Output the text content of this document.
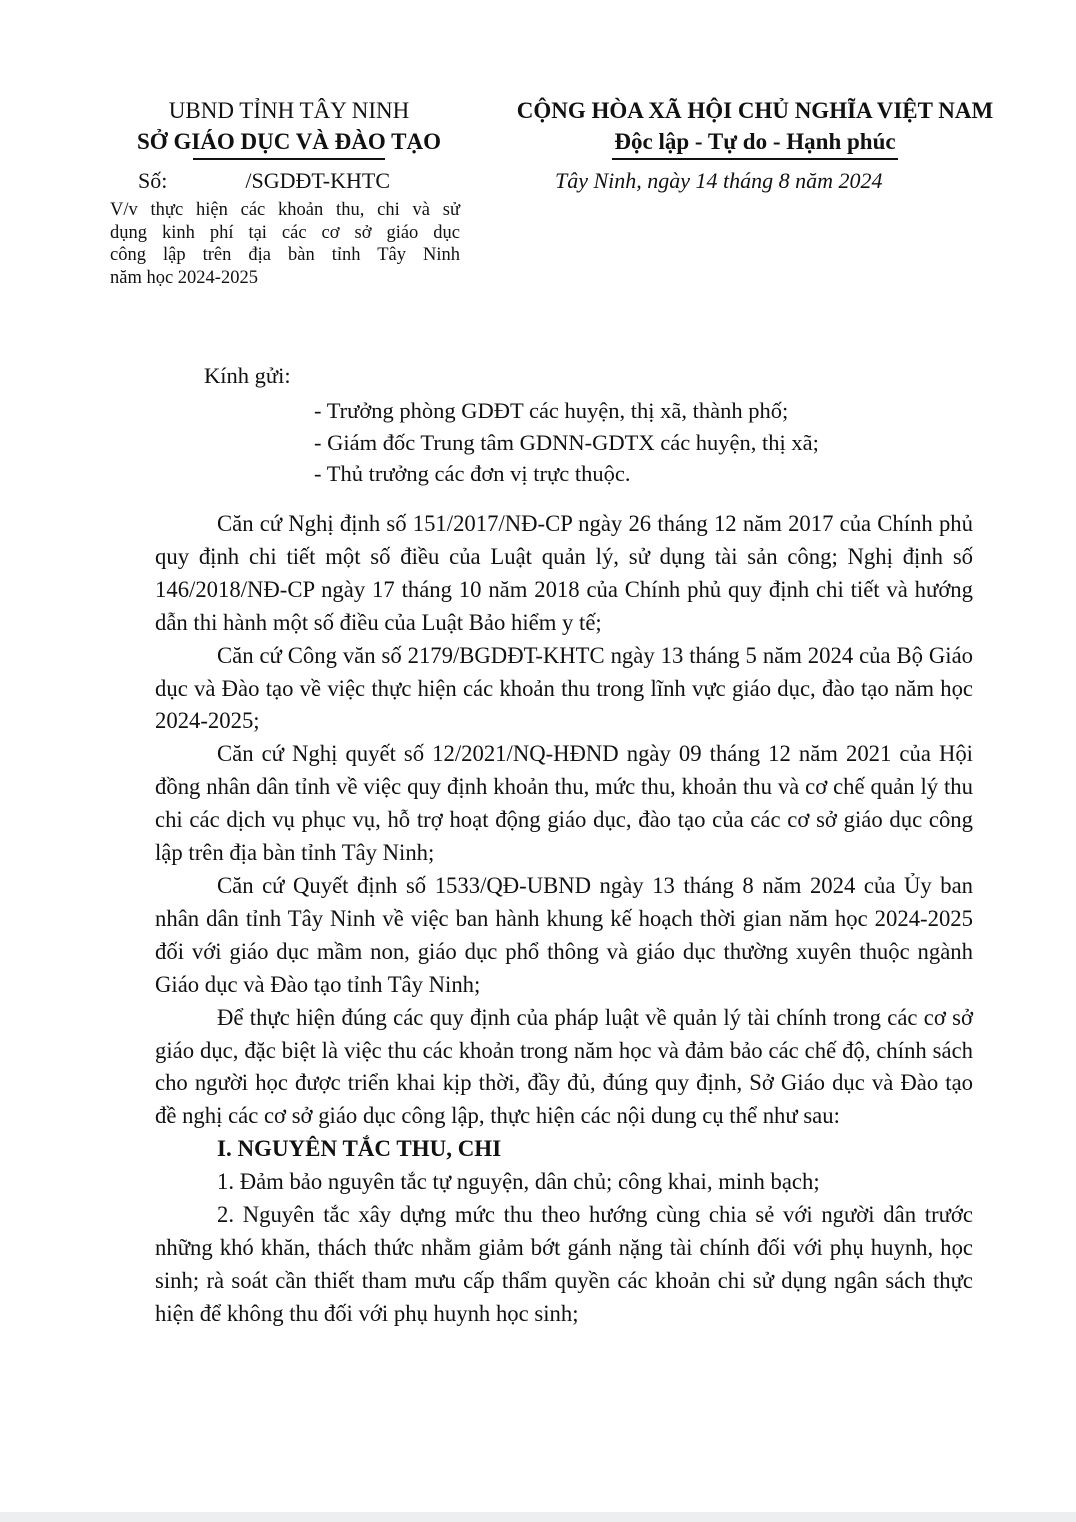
UBND TỈNH TÂY NINH
SỞ GIÁO DỤC VÀ ĐÀO TẠO
CỘNG HÒA XÃ HỘI CHỦ NGHĨA VIỆT NAM
Độc lập - Tự do - Hạnh phúc
Số:	/SGDĐT-KHTC	Tây Ninh, ngày 14 tháng 8 năm 2024
V/v thực hiện các khoản thu, chi và sử
dụng kinh phí tại các cơ sở giáo dục
công lập trên địa bàn tỉnh Tây Ninh
năm học 2024-2025
Kính gửi:
- Trưởng phòng GDĐT các huyện, thị xã, thành phố;
- Giám đốc Trung tâm GDNN-GDTX các huyện, thị xã;
- Thủ trưởng các đơn vị trực thuộc.

Căn cứ Nghị định số 151/2017/NĐ-CP ngày 26 tháng 12 năm 2017 của Chính phủ quy định chi tiết một số điều của Luật quản lý, sử dụng tài sản công; Nghị định số 146/2018/NĐ-CP ngày 17 tháng 10 năm 2018 của Chính phủ quy định chi tiết và hướng dẫn thi hành một số điều của Luật Bảo hiểm y tế;

Căn cứ Công văn số 2179/BGDĐT-KHTC ngày 13 tháng 5 năm 2024 của Bộ Giáo dục và Đào tạo về việc thực hiện các khoản thu trong lĩnh vực giáo dục, đào tạo năm học 2024-2025;

Căn cứ Nghị quyết số 12/2021/NQ-HĐND ngày 09 tháng 12 năm 2021 của Hội đồng nhân dân tỉnh về việc quy định khoản thu, mức thu, khoản thu và cơ chế quản lý thu chi các dịch vụ phục vụ, hỗ trợ hoạt động giáo dục, đào tạo của các cơ sở giáo dục công lập trên địa bàn tỉnh Tây Ninh;

Căn cứ Quyết định số 1533/QĐ-UBND ngày 13 tháng 8 năm 2024 của Ủy ban nhân dân tỉnh Tây Ninh về việc ban hành khung kế hoạch thời gian năm học 2024-2025 đối với giáo dục mầm non, giáo dục phổ thông và giáo dục thường xuyên thuộc ngành Giáo dục và Đào tạo tỉnh Tây Ninh;

Để thực hiện đúng các quy định của pháp luật về quản lý tài chính trong các cơ sở giáo dục, đặc biệt là việc thu các khoản trong năm học và đảm bảo các chế độ, chính sách cho người học được triển khai kịp thời, đầy đủ, đúng quy định, Sở Giáo dục và Đào tạo đề nghị các cơ sở giáo dục công lập, thực hiện các nội dung cụ thể như sau:

I. NGUYÊN TẮC THU, CHI

1. Đảm bảo nguyên tắc tự nguyện, dân chủ; công khai, minh bạch;

2. Nguyên tắc xây dựng mức thu theo hướng cùng chia sẻ với người dân trước những khó khăn, thách thức nhằm giảm bớt gánh nặng tài chính đối với phụ huynh, học sinh; rà soát cần thiết tham mưu cấp thẩm quyền các khoản chi sử dụng ngân sách thực hiện để không thu đối với phụ huynh học sinh;
